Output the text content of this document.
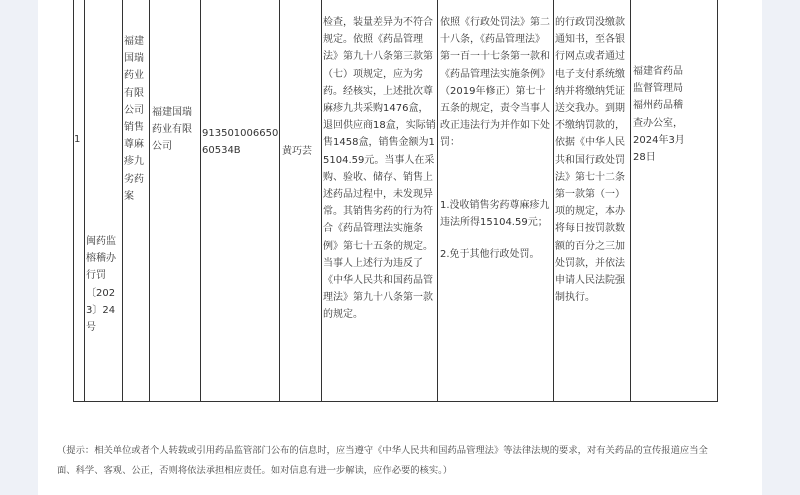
1
闽药监榕稽办行罚〔2023〕24号
福建国瑞药业有限公司销售尊麻疹九劣药案
福建国瑞药业有限公司
91350100665060534B	黄巧芸
检查，装量差异为不符合规定。依照《药品管理法》第九十八条第三款第（七）项规定，应为劣药。经核实，上述批次尊麻疹九共采购1476盒，退回供应商18盒，实际销售1458盒，销售金额为15104.59元。当事人在采购、验收、储存、销售上述药品过程中，未发现异常。其销售劣药的行为符合《药品管理法实施条例》第七十五条的规定。当事人上述行为违反了《中华人民共和国药品管理法》第九十八条第一款的规定。
依照《行政处罚法》第二十八条，《药品管理法》第一百一十七条第一款和《药品管理法实施条例》（2019年修正）第七十五条的规定，责令当事人改正违法行为并作如下处罚：
1.没收销售劣药尊麻疹九违法所得15104.59元；
2.免于其他行政处罚。
的行政罚没缴款通知书，至各银行网点或者通过电子支付系统缴纳并将缴纳凭证送交我办。到期不缴纳罚款的，依据《中华人民共和国行政处罚法》第七十二条第一款第（一）项的规定，本办将每日按罚款数额的百分之三加处罚款，并依法申请人民法院强制执行。
福建省药品监督管理局福州药品稽查办公室，2024年3月28日
（提示：相关单位或者个人转载或引用药品监管部门公布的信息时，应当遵守《中华人民共和国药品管理法》等法律法规的要求，对有关药品的宣传报道应当全面、科学、客观、公正，否则将依法承担相应责任。如对信息有进一步解读，应作必要的核实。）
